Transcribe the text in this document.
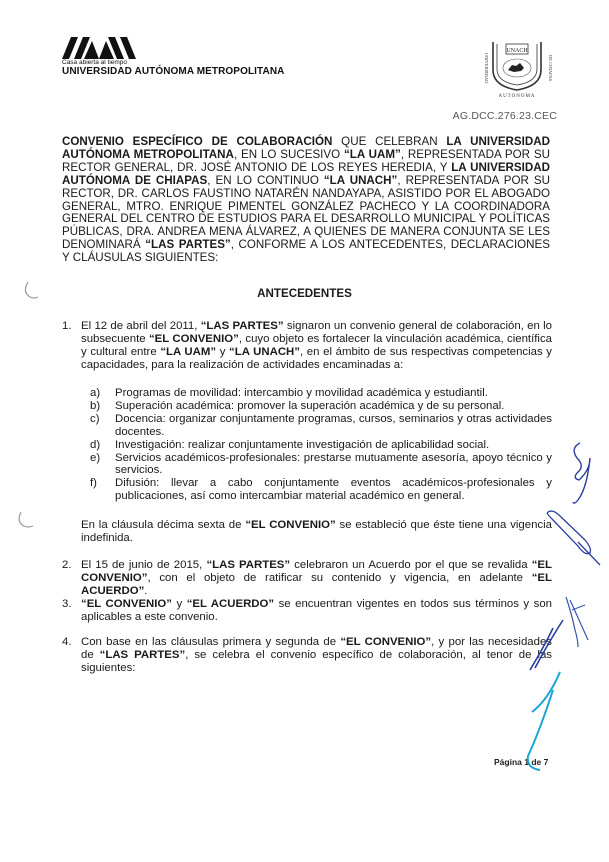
Casa abierta al tiempo
UNIVERSIDAD AUTÓNOMA METROPOLITANA
UNACH
UNIVERSIDAD	DE CHIAPAS
AUTONOMA
AG.DCC.276.23.CEC
CONVENIO ESPECÍFICO DE COLABORACIÓN QUE CELEBRAN LA UNIVERSIDAD AUTÓNOMA METROPOLITANA, EN LO SUCESIVO “LA UAM”, REPRESENTADA POR SU RECTOR GENERAL, DR. JOSÉ ANTONIO DE LOS REYES HEREDIA, Y LA UNIVERSIDAD AUTÓNOMA DE CHIAPAS, EN LO CONTINUO “LA UNACH”, REPRESENTADA POR SU RECTOR, DR. CARLOS FAUSTINO NATARÉN NANDAYAPA, ASISTIDO POR EL ABOGADO GENERAL, MTRO. ENRIQUE PIMENTEL GONZÁLEZ PACHECO Y LA COORDINADORA GENERAL DEL CENTRO DE ESTUDIOS PARA EL DESARROLLO MUNICIPAL Y POLÍTICAS PÚBLICAS, DRA. ANDREA MENA ÁLVAREZ, A QUIENES DE MANERA CONJUNTA SE LES DENOMINARÁ “LAS PARTES”, CONFORME A LOS ANTECEDENTES, DECLARACIONES Y CLÁUSULAS SIGUIENTES:
ANTECEDENTES
1. El 12 de abril del 2011, “LAS PARTES” signaron un convenio general de colaboración, en lo subsecuente “EL CONVENIO”, cuyo objeto es fortalecer la vinculación académica, científica y cultural entre “LA UAM” y “LA UNACH”, en el ámbito de sus respectivas competencias y capacidades, para la realización de actividades encaminadas a:
a) Programas de movilidad: intercambio y movilidad académica y estudiantil.
b) Superación académica: promover la superación académica y de su personal.
c) Docencia: organizar conjuntamente programas, cursos, seminarios y otras actividades docentes.
d) Investigación: realizar conjuntamente investigación de aplicabilidad social.
e) Servicios académicos-profesionales: prestarse mutuamente asesoría, apoyo técnico y servicios.
f) Difusión: llevar a cabo conjuntamente eventos académicos-profesionales y publicaciones, así como intercambiar material académico en general.
En la cláusula décima sexta de “EL CONVENIO” se estableció que éste tiene una vigencia indefinida.
2. El 15 de junio de 2015, “LAS PARTES” celebraron un Acuerdo por el que se revalida “EL CONVENIO”, con el objeto de ratificar su contenido y vigencia, en adelante “EL ACUERDO”.
3. “EL CONVENIO” y “EL ACUERDO” se encuentran vigentes en todos sus términos y son aplicables a este convenio.
4. Con base en las cláusulas primera y segunda de “EL CONVENIO”, y por las necesidades de “LAS PARTES”, se celebra el convenio específico de colaboración, al tenor de las siguientes:
Página 1 de 7
